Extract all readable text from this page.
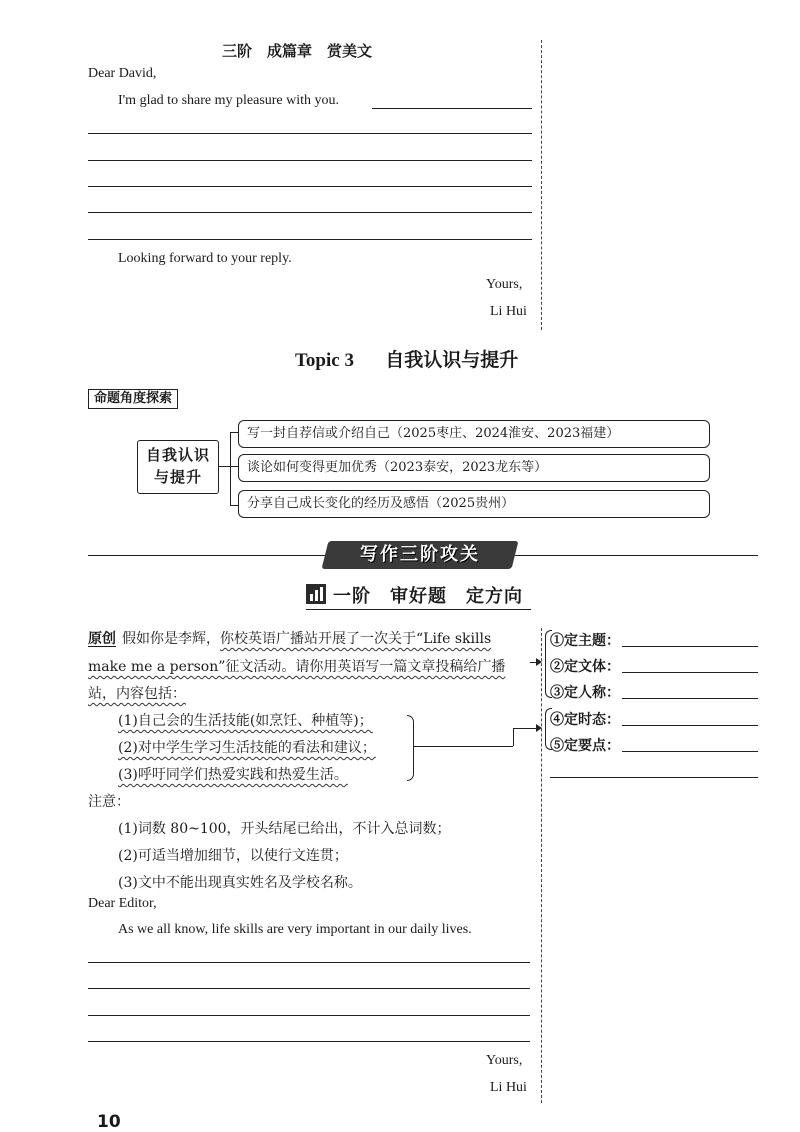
三阶　成篇章　赏美文
Dear David,
I'm glad to share my pleasure with you.
Looking forward to your reply.
Yours,
Li Hui
Topic 3 自我认识与提升
命题角度探索
自我认识与提升
写一封自荐信或介绍自己（2025枣庄、2024淮安、2023福建）
谈论如何变得更加优秀（2023泰安，2023龙东等）
分享自己成长变化的经历及感悟（2025贵州）
写作三阶攻关
一阶　审好题　定方向
原创 假如你是李辉，你校英语广播站开展了一次关于“Life skills
make me a person”征文活动。请你用英语写一篇文章投稿给广播
站，内容包括：
(1)自己会的生活技能(如烹饪、种植等)；
(2)对中学生学习生活技能的看法和建议；
(3)呼吁同学们热爱实践和热爱生活。
注意：
(1)词数 80~100，开头结尾已给出，不计入总词数；
(2)可适当增加细节，以使行文连贯；
(3)文中不能出现真实姓名及学校名称。
Dear Editor,
As we all know, life skills are very important in our daily lives.
Yours,
Li Hui
①定主题：
②定文体：
③定人称：
④定时态：
⑤定要点：
10
